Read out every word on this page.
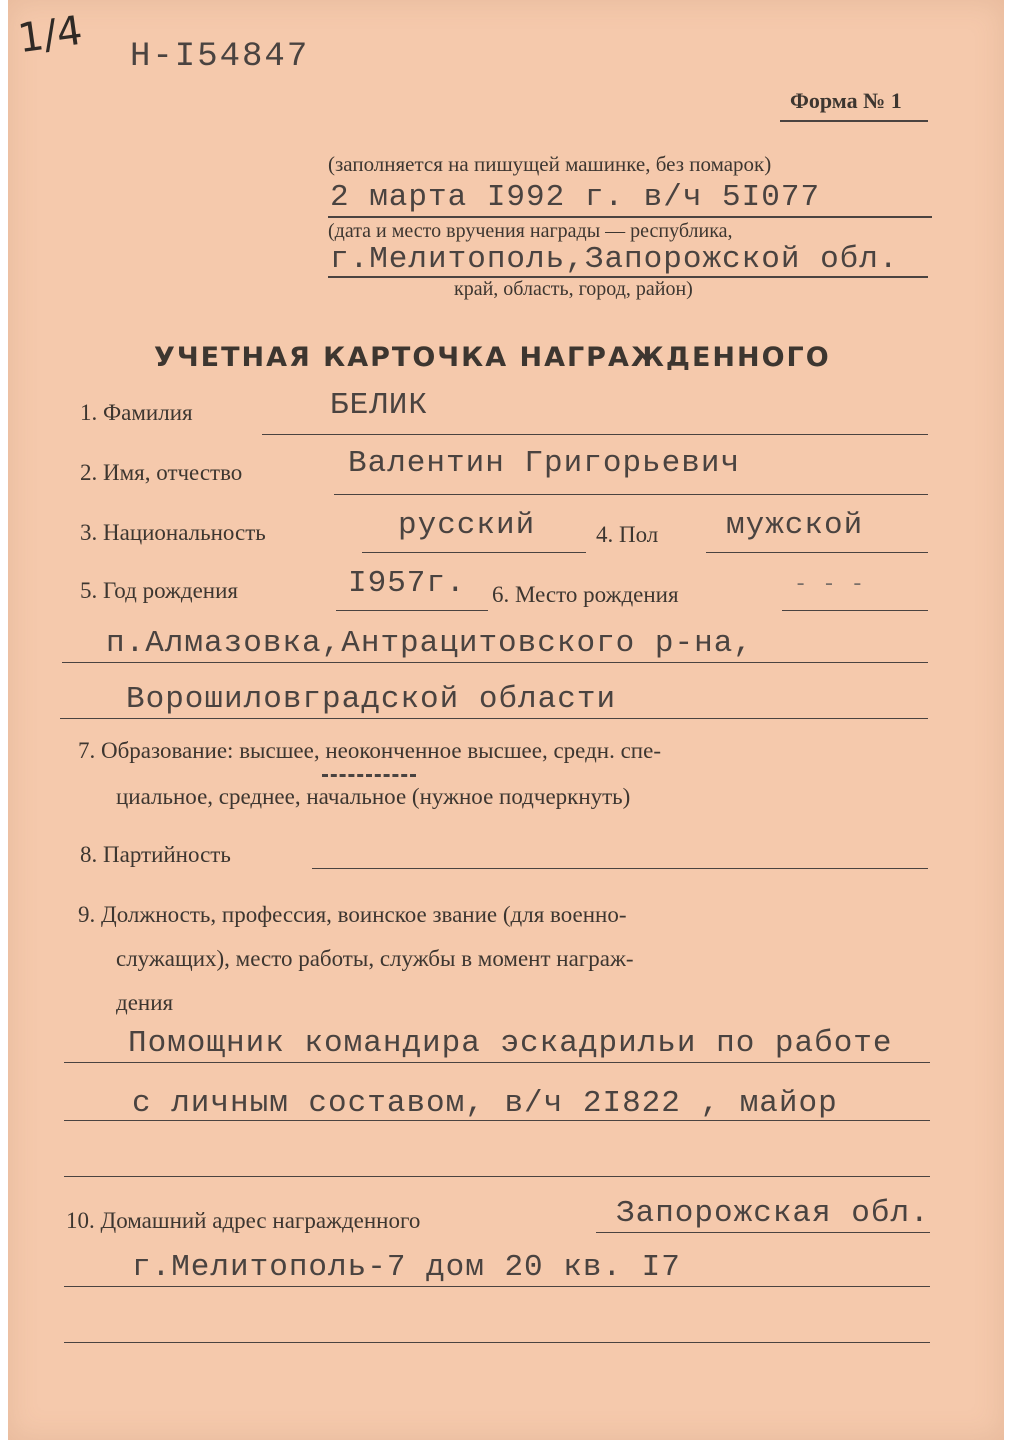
1/4 Н-I54847
Форма № 1
(заполняется на пишущей машинке, без помарок)
2 марта I992 г. в/ч 5I077
(дата и место вручения награды — республика,
г.Мелитополь,Запорожской обл.
край, область, город, район)
УЧЕТНАЯ КАРТОЧКА НАГРАЖДЕННОГО
1. Фамилия	БЕЛИК
2. Имя, отчество	Валентин Григорьевич
3. Национальность	русский	4. Пол мужской
5. Год рождения	I957г. 6. Место рождения	- - -
п.Алмазовка,Антрацитовского р-на,
Ворошиловградской области
7. Образование: высшее, неоконченное высшее, средн. спе-
циальное, среднее, начальное (нужное подчеркнуть)
8. Партийность
9. Должность, профессия, воинское звание (для военно-
служащих), место работы, службы в момент награж-
дения
Помощник командира эскадрильи по работе
с личным составом, в/ч 2I822 , майор
10. Домашний адрес награжденного	Запорожская обл.
г.Мелитополь-7 дом 20 кв. I7
